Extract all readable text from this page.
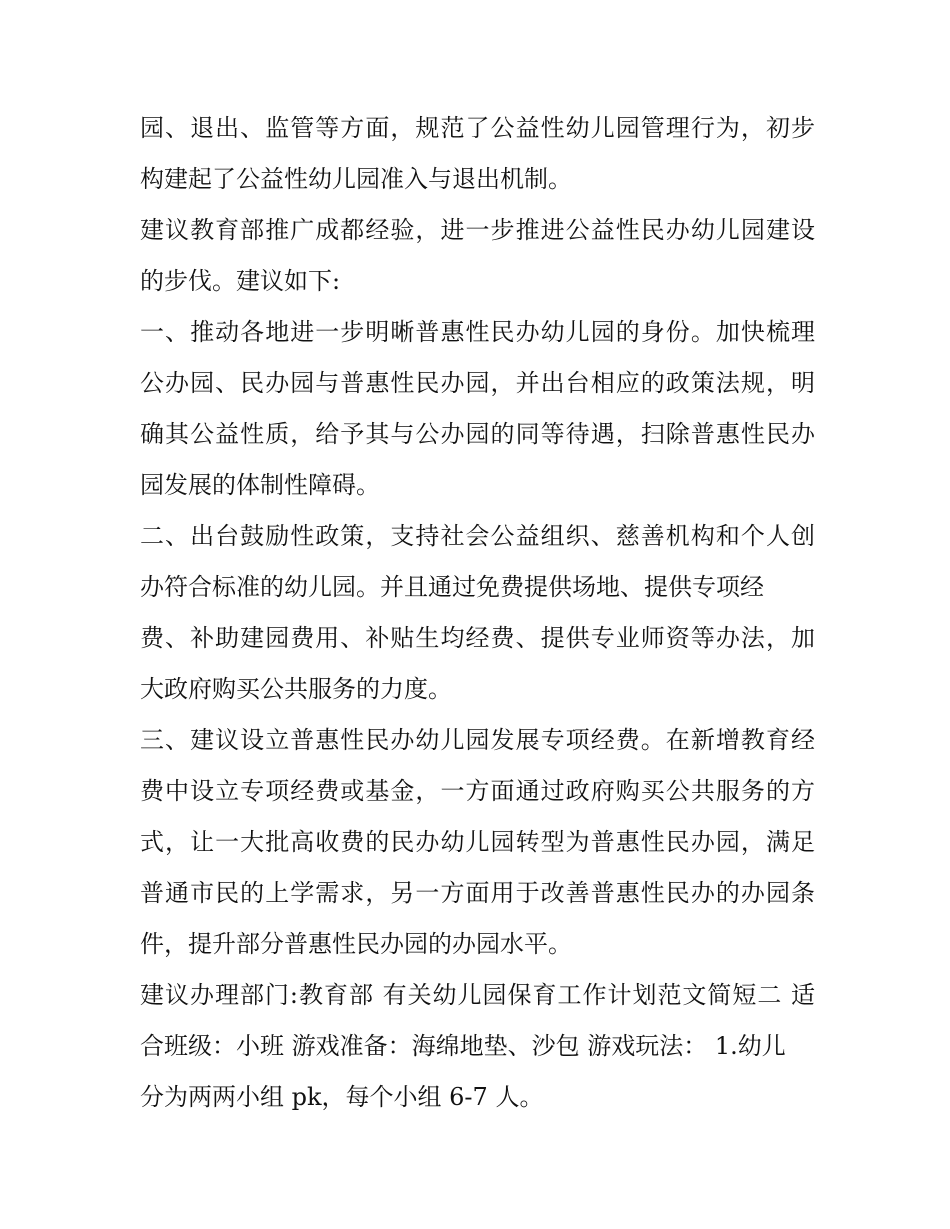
园、退出、监管等方面，规范了公益性幼儿园管理行为，初步
构建起了公益性幼儿园准入与退出机制。
建议教育部推广成都经验，进一步推进公益性民办幼儿园建设
的步伐。建议如下:
一、推动各地进一步明晰普惠性民办幼儿园的身份。加快梳理
公办园、民办园与普惠性民办园，并出台相应的政策法规，明
确其公益性质，给予其与公办园的同等待遇，扫除普惠性民办
园发展的体制性障碍。
二、出台鼓励性政策，支持社会公益组织、慈善机构和个人创
办符合标准的幼儿园。并且通过免费提供场地、提供专项经
费、补助建园费用、补贴生均经费、提供专业师资等办法，加
大政府购买公共服务的力度。
三、建议设立普惠性民办幼儿园发展专项经费。在新增教育经
费中设立专项经费或基金，一方面通过政府购买公共服务的方
式，让一大批高收费的民办幼儿园转型为普惠性民办园，满足
普通市民的上学需求，另一方面用于改善普惠性民办的办园条
件，提升部分普惠性民办园的办园水平。
建议办理部门:教育部 有关幼儿园保育工作计划范文简短二 适
合班级：小班 游戏准备：海绵地垫、沙包 游戏玩法： 1.幼儿
分为两两小组 pk，每个小组 6-7 人。
